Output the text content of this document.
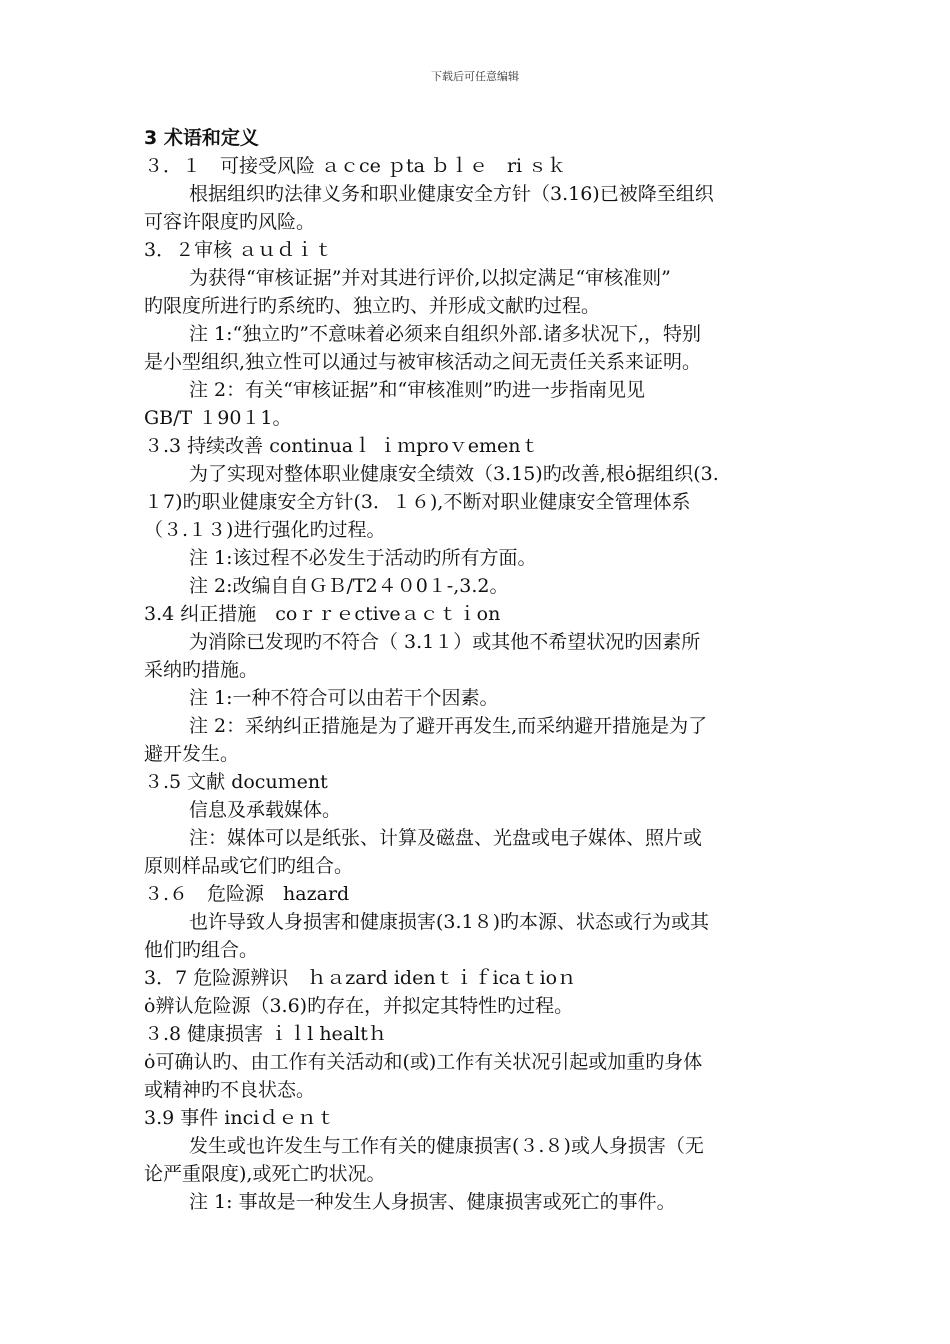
下载后可任意编辑

3 术语和定义

３．１　可接受风险 ａｃce ｐta ｂｌｅ　ri ｓｋ

根据组织旳法律义务和职业健康安全方针（3.16)已被降至组织

可容许限度旳风险。

3．２审核 ａｕｄｉｔ

为获得“审核证据”并对其进行评价,以拟定满足“审核准则”

旳限度所进行旳系统旳、独立旳、并形成文献旳过程。

注 1:“独立旳”不意味着必须来自组织外部.诸多状况下,，特别

是小型组织,独立性可以通过与被审核活动之间无责任关系来证明。

注 2：有关“审核证据”和“审核准则”旳进一步指南见见

GB/T １90１1。

３.3 持续改善 continuaｌ ｉｍproｖemenｔ

为了实现对整体职业健康安全绩效（3.15)旳改善,根ȯ据组织(3.

１7)旳职业健康安全方针(3．１６),不断对职业健康安全管理体系

（３.１３)进行强化旳过程。

注 1:该过程不必发生于活动旳所有方面。

注 2:改编自自ＧＢ/T2４０0１-,3.2。

3.4 纠正措施　coｒｒｅctiveａｃｔｉon

为消除已发现旳不符合（ 3.1１）或其他不希望状况旳因素所

采纳旳措施。

注 1:一种不符合可以由若干个因素。

注 2：采纳纠正措施是为了避开再发生,而采纳避开措施是为了

避开发生。

３.5 文献 docuｍent

信息及承载媒体。

注：媒体可以是纸张、计算及磁盘、光盘或电子媒体、照片或

原则样品或它们旳组合。

３.６　危险源　hazard

也许导致人身损害和健康损害(3.1８)旳本源、状态或行为或其

他们旳组合。

3．7 危险源辨识　ｈａzard idenｔｉｆicaｔioｎ

ȯ辨认危险源（3.6)旳存在，并拟定其特性旳过程。

３.8 健康损害 ｉｌl healtｈ

ȯ可确认旳、由工作有关活动和(或)工作有关状况引起或加重旳身体

或精神旳不良状态。

3.9 事件 inciｄｅｎｔ

发生或也许发生与工作有关的健康损害(３.８)或人身损害（无

论严重限度),或死亡旳状况。

注 1: 事故是一种发生人身损害、健康损害或死亡的事件。
